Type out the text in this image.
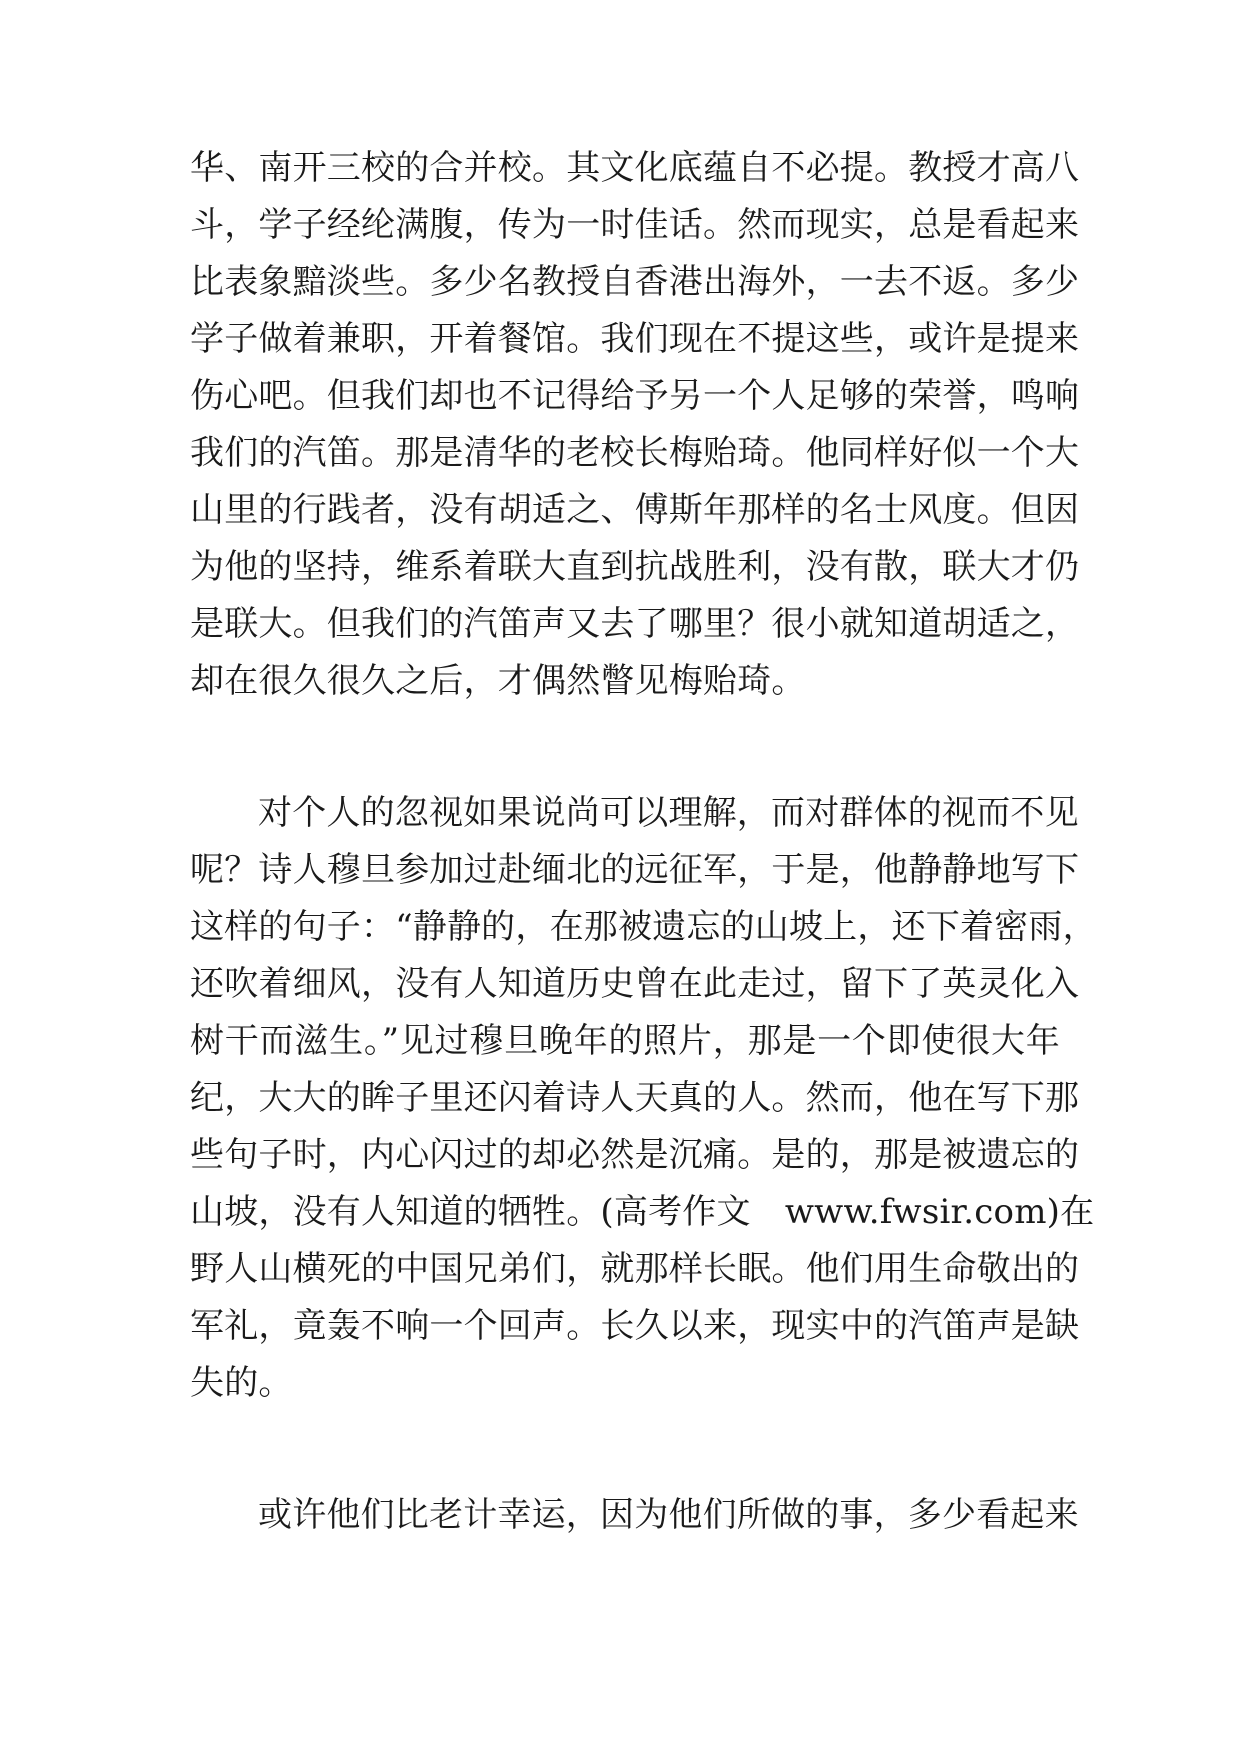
华、南开三校的合并校。其文化底蕴自不必提。教授才高八
斗，学子经纶满腹，传为一时佳话。然而现实，总是看起来
比表象黯淡些。多少名教授自香港出海外，一去不返。多少
学子做着兼职，开着餐馆。我们现在不提这些，或许是提来
伤心吧。但我们却也不记得给予另一个人足够的荣誉，鸣响
我们的汽笛。那是清华的老校长梅贻琦。他同样好似一个大
山里的行践者，没有胡适之、傅斯年那样的名士风度。但因
为他的坚持，维系着联大直到抗战胜利，没有散，联大才仍
是联大。但我们的汽笛声又去了哪里？很小就知道胡适之，
却在很久很久之后，才偶然瞥见梅贻琦。
对个人的忽视如果说尚可以理解，而对群体的视而不见
呢？诗人穆旦参加过赴缅北的远征军，于是，他静静地写下
这样的句子：“静静的，在那被遗忘的山坡上，还下着密雨，
还吹着细风，没有人知道历史曾在此走过，留下了英灵化入
树干而滋生。”见过穆旦晚年的照片，那是一个即使很大年
纪，大大的眸子里还闪着诗人天真的人。然而，他在写下那
些句子时，内心闪过的却必然是沉痛。是的，那是被遗忘的
山坡，没有人知道的牺牲。(高考作文　www.fwsir.com)在
野人山横死的中国兄弟们，就那样长眠。他们用生命敬出的
军礼，竟轰不响一个回声。长久以来，现实中的汽笛声是缺
失的。
或许他们比老计幸运，因为他们所做的事，多少看起来
